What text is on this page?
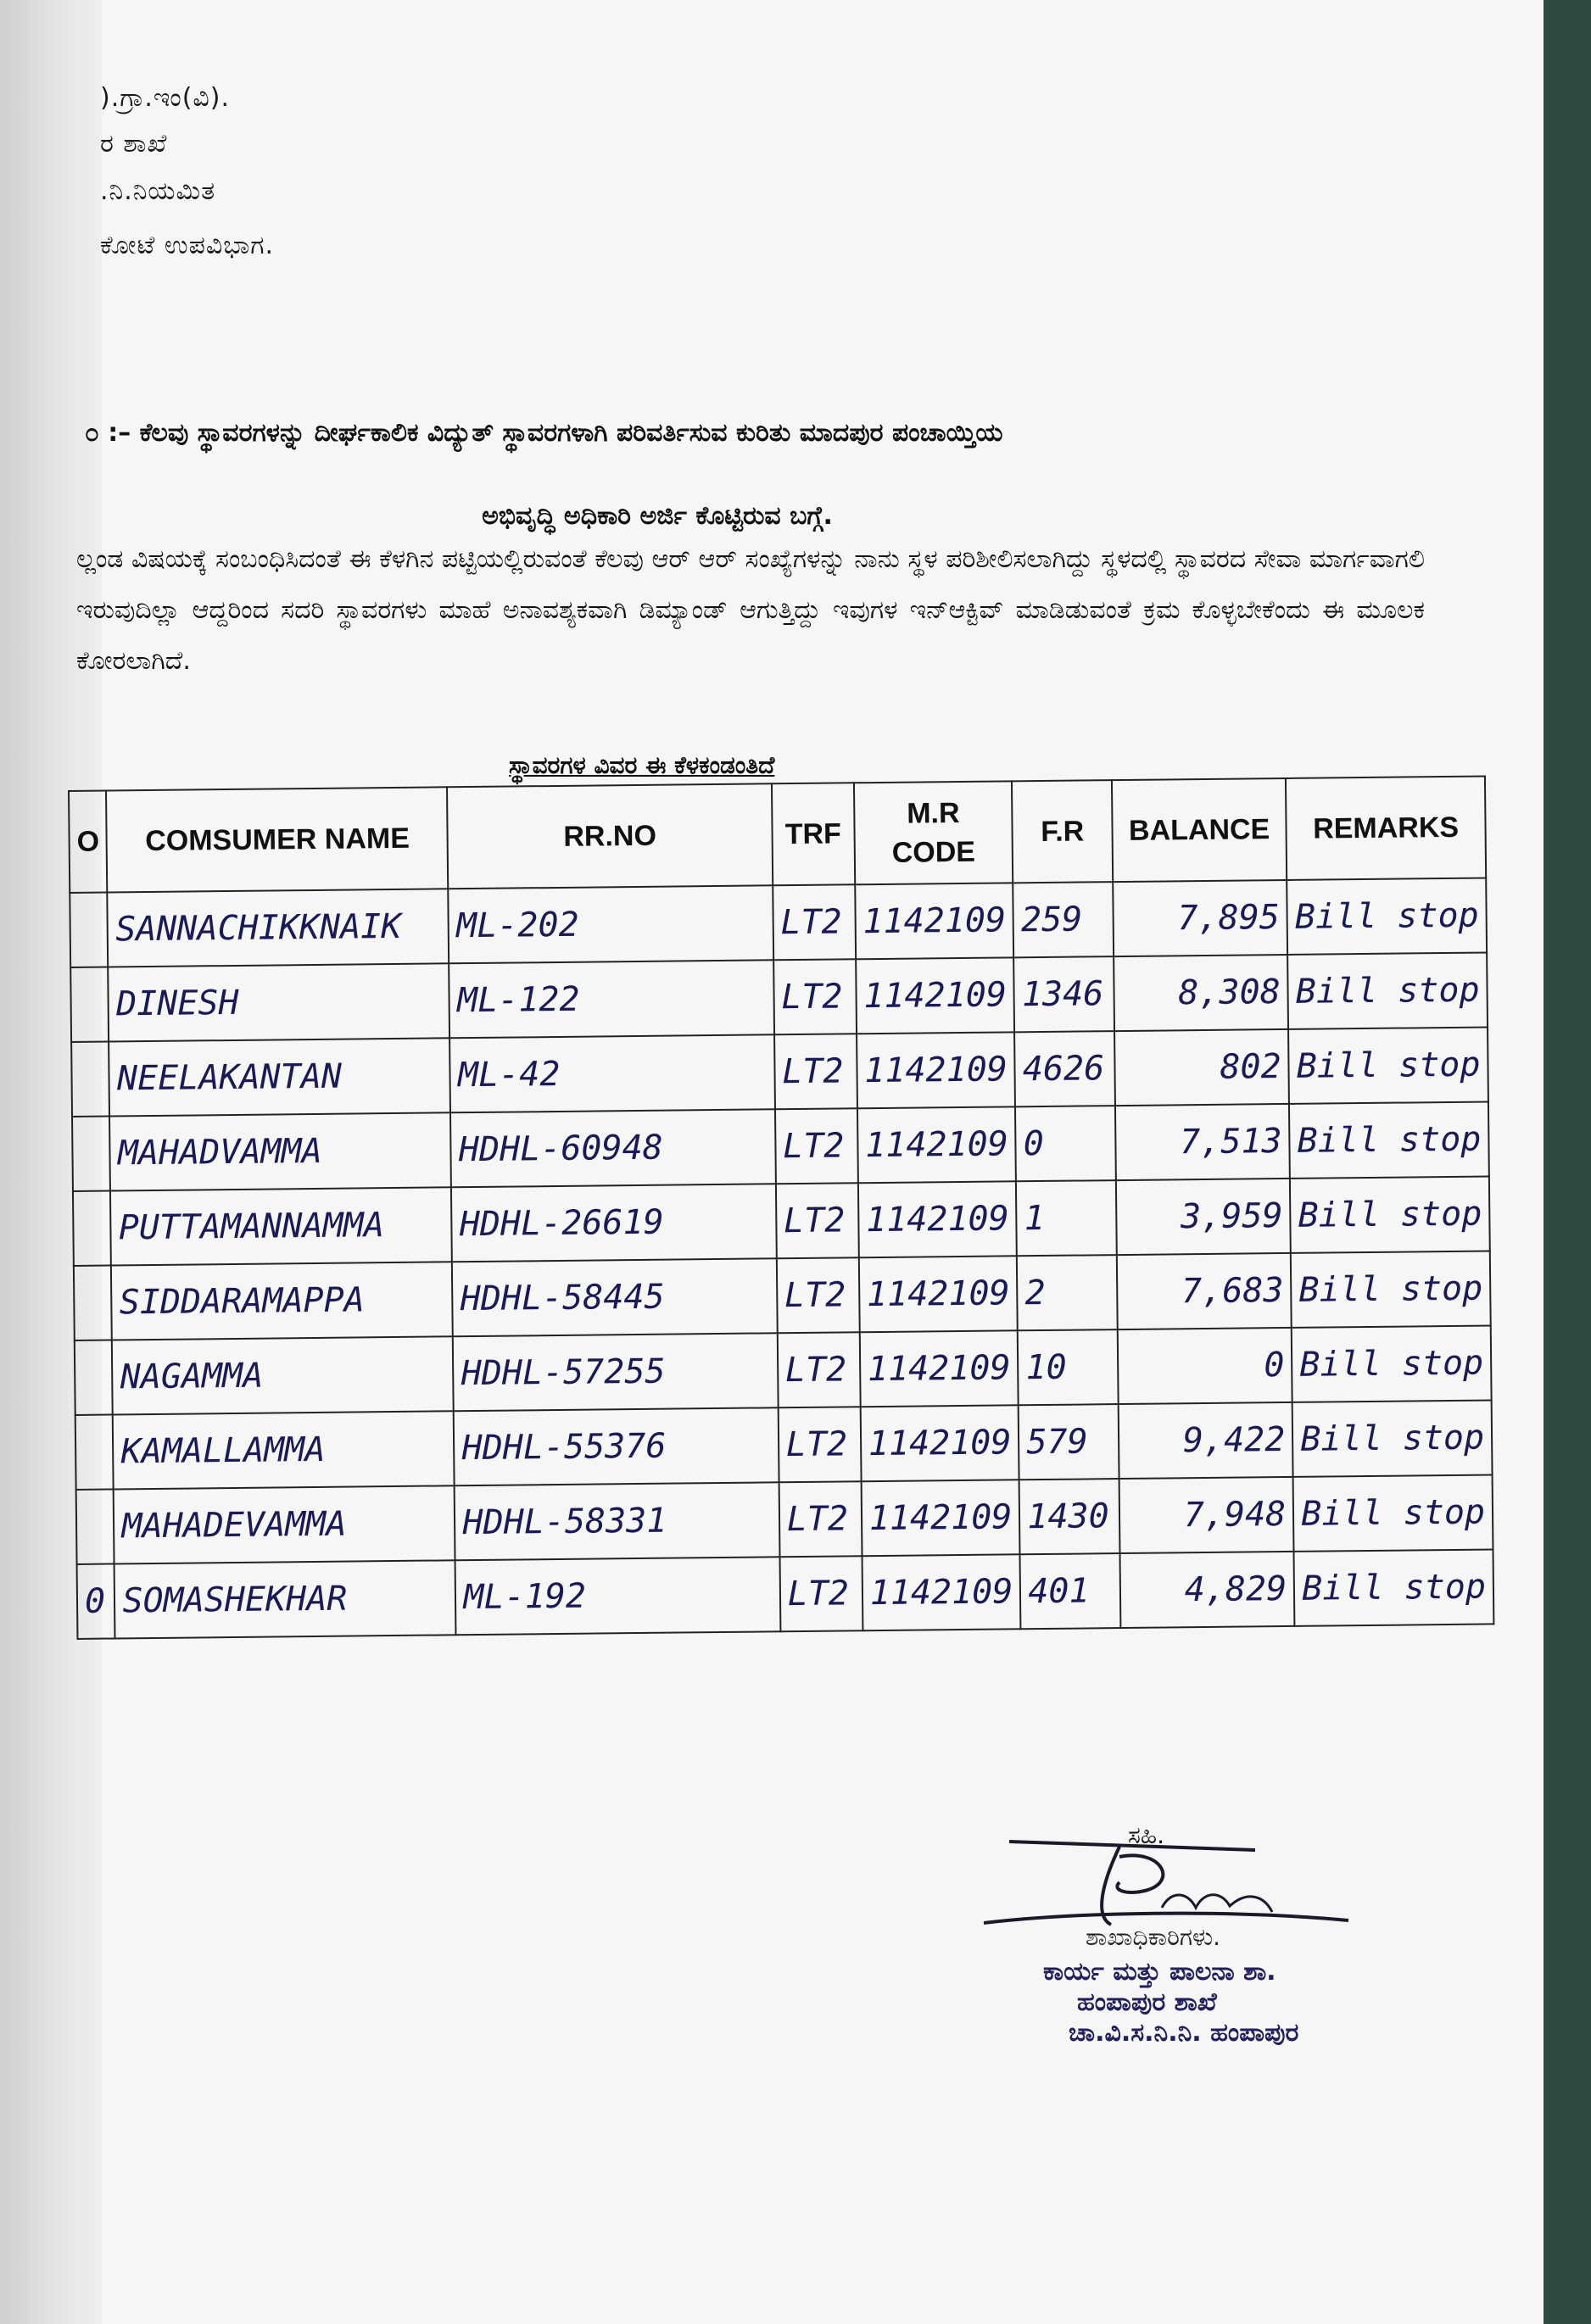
).ಗ್ರಾ.ಇಂ(ವಿ).
ರ ಶಾಖೆ
.ನಿ.ನಿಯಮಿತ
ಕೋಟೆ ಉಪವಿಭಾಗ.
೦ :– ಕೆಲವು ಸ್ಥಾವರಗಳನ್ನು ದೀರ್ಘಕಾಲಿಕ ವಿದ್ಯುತ್ ಸ್ಥಾವರಗಳಾಗಿ ಪರಿವರ್ತಿಸುವ ಕುರಿತು ಮಾದಪುರ ಪಂಚಾಯ್ತಿಯ

ಅಭಿವೃದ್ಧಿ ಅಧಿಕಾರಿ ಅರ್ಜಿ ಕೊಟ್ಟಿರುವ ಬಗ್ಗೆ.
ಲ್ಲಂಡ ವಿಷಯಕ್ಕೆ ಸಂಬಂಧಿಸಿದಂತೆ ಈ ಕೆಳಗಿನ ಪಟ್ಟಿಯಲ್ಲಿರುವಂತೆ ಕೆಲವು ಆರ್ ಆರ್ ಸಂಖ್ಯೆಗಳನ್ನು ನಾನು ಸ್ಥಳ ಪರಿಶೀಲಿಸಲಾಗಿದ್ದು ಸ್ಥಳದಲ್ಲಿ ಸ್ಥಾವರದ ಸೇವಾ ಮಾರ್ಗವಾಗಲಿ ಇರುವುದಿಲ್ಲಾ ಆದ್ದರಿಂದ ಸದರಿ ಸ್ಥಾವರಗಳು ಮಾಹೆ ಅನಾವಶ್ಯಕವಾಗಿ ಡಿಮ್ಯಾಂಡ್ ಆಗುತ್ತಿದ್ದು ಇವುಗಳ ಇನ್‌ಆಕ್ಟಿವ್ ಮಾಡಿಡುವಂತೆ ಕ್ರಮ ಕೊಳ್ಳಬೇಕೆಂದು ಈ ಮೂಲಕ ಕೋರಲಾಗಿದೆ.
ಸ್ಥಾವರಗಳ ವಿವರ ಈ ಕೆಳಕಂಡಂತಿದೆ
O	COMSUMER NAME	RR.NO	TRF	M.R
CODE	F.R	BALANCE	REMARKS
	SANNACHIKKNAIK	ML-202	LT2	1142109	259	7,895	Bill stop
	DINESH	ML-122	LT2	1142109	1346	8,308	Bill stop
	NEELAKANTAN	ML-42	LT2	1142109	4626	802	Bill stop
	MAHADVAMMA	HDHL-60948	LT2	1142109	0	7,513	Bill stop
	PUTTAMANNAMMA	HDHL-26619	LT2	1142109	1	3,959	Bill stop
	SIDDARAMAPPA	HDHL-58445	LT2	1142109	2	7,683	Bill stop
	NAGAMMA	HDHL-57255	LT2	1142109	10	0	Bill stop
	KAMALLAMMA	HDHL-55376	LT2	1142109	579	9,422	Bill stop
	MAHADEVAMMA	HDHL-58331	LT2	1142109	1430	7,948	Bill stop
0	SOMASHEKHAR	ML-192	LT2	1142109	401	4,829	Bill stop
ಸಹಿ.
ಶಾಖಾಧಿಕಾರಿಗಳು.
ಕಾರ್ಯ ಮತ್ತು ಪಾಲನಾ ಶಾ.
ಹಂಪಾಪುರ ಶಾಖೆ
ಚಾ.ವಿ.ಸ.ನಿ.ನಿ. ಹಂಪಾಪುರ
